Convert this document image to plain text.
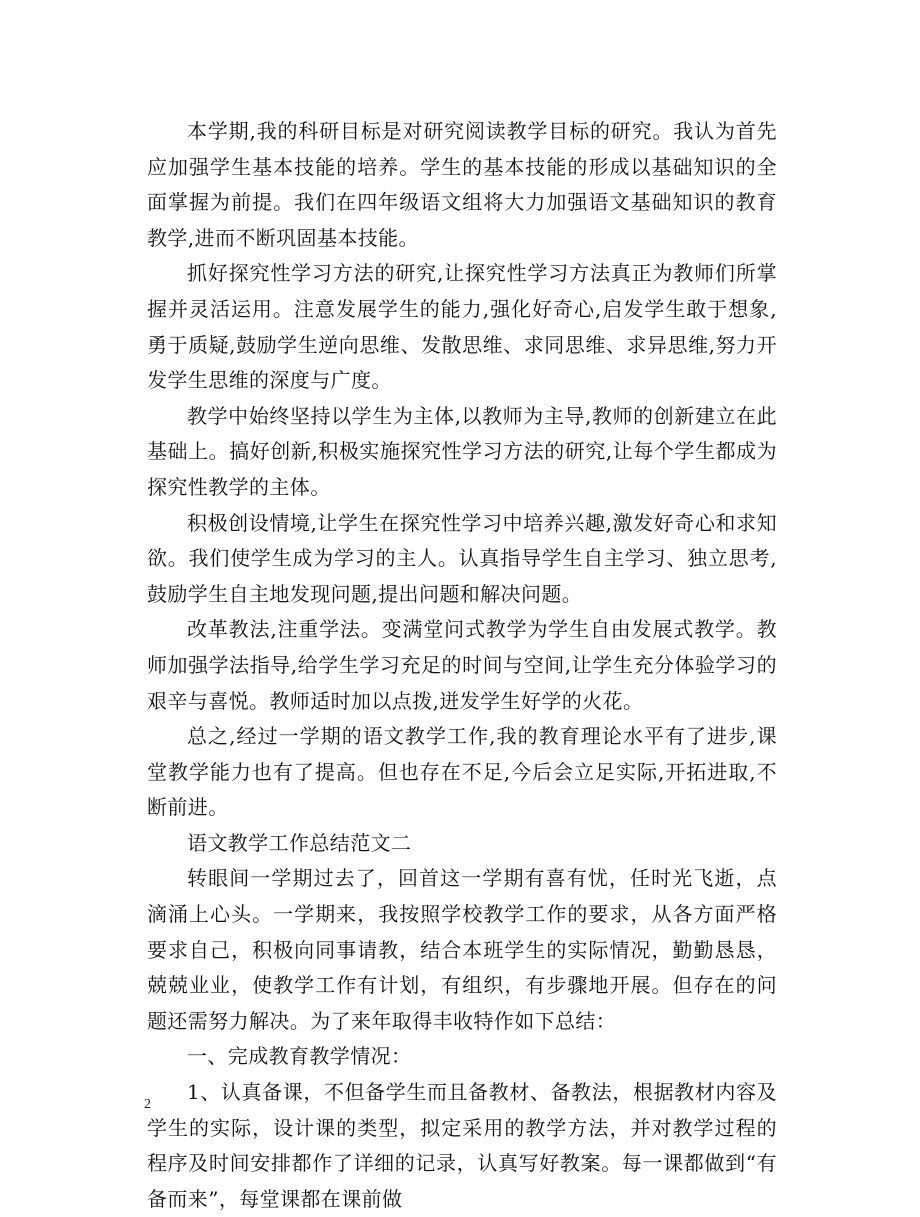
本学期,我的科研目标是对研究阅读教学目标的研究。我认为首先应加强学生基本技能的培养。学生的基本技能的形成以基础知识的全面掌握为前提。我们在四年级语文组将大力加强语文基础知识的教育教学,进而不断巩固基本技能。

抓好探究性学习方法的研究,让探究性学习方法真正为教师们所掌握并灵活运用。注意发展学生的能力,强化好奇心,启发学生敢于想象,勇于质疑,鼓励学生逆向思维、发散思维、求同思维、求异思维,努力开发学生思维的深度与广度。

教学中始终坚持以学生为主体,以教师为主导,教师的创新建立在此基础上。搞好创新,积极实施探究性学习方法的研究,让每个学生都成为探究性教学的主体。

积极创设情境,让学生在探究性学习中培养兴趣,激发好奇心和求知欲。我们使学生成为学习的主人。认真指导学生自主学习、独立思考,鼓励学生自主地发现问题,提出问题和解决问题。

改革教法,注重学法。变满堂问式教学为学生自由发展式教学。教师加强学法指导,给学生学习充足的时间与空间,让学生充分体验学习的艰辛与喜悦。教师适时加以点拨,迸发学生好学的火花。

总之,经过一学期的语文教学工作,我的教育理论水平有了进步,课堂教学能力也有了提高。但也存在不足,今后会立足实际,开拓进取,不断前进。

语文教学工作总结范文二

转眼间一学期过去了，回首这一学期有喜有忧，任时光飞逝，点滴涌上心头。一学期来，我按照学校教学工作的要求，从各方面严格要求自己，积极向同事请教，结合本班学生的实际情况，勤勤恳恳，兢兢业业，使教学工作有计划，有组织，有步骤地开展。但存在的问题还需努力解决。为了来年取得丰收特作如下总结：

一、完成教育教学情况：

1、认真备课，不但备学生而且备教材、备教法，根据教材内容及学生的实际，设计课的类型，拟定采用的教学方法，并对教学过程的程序及时间安排都作了详细的记录，认真写好教案。每一课都做到“有备而来”，每堂课都在课前做

2
